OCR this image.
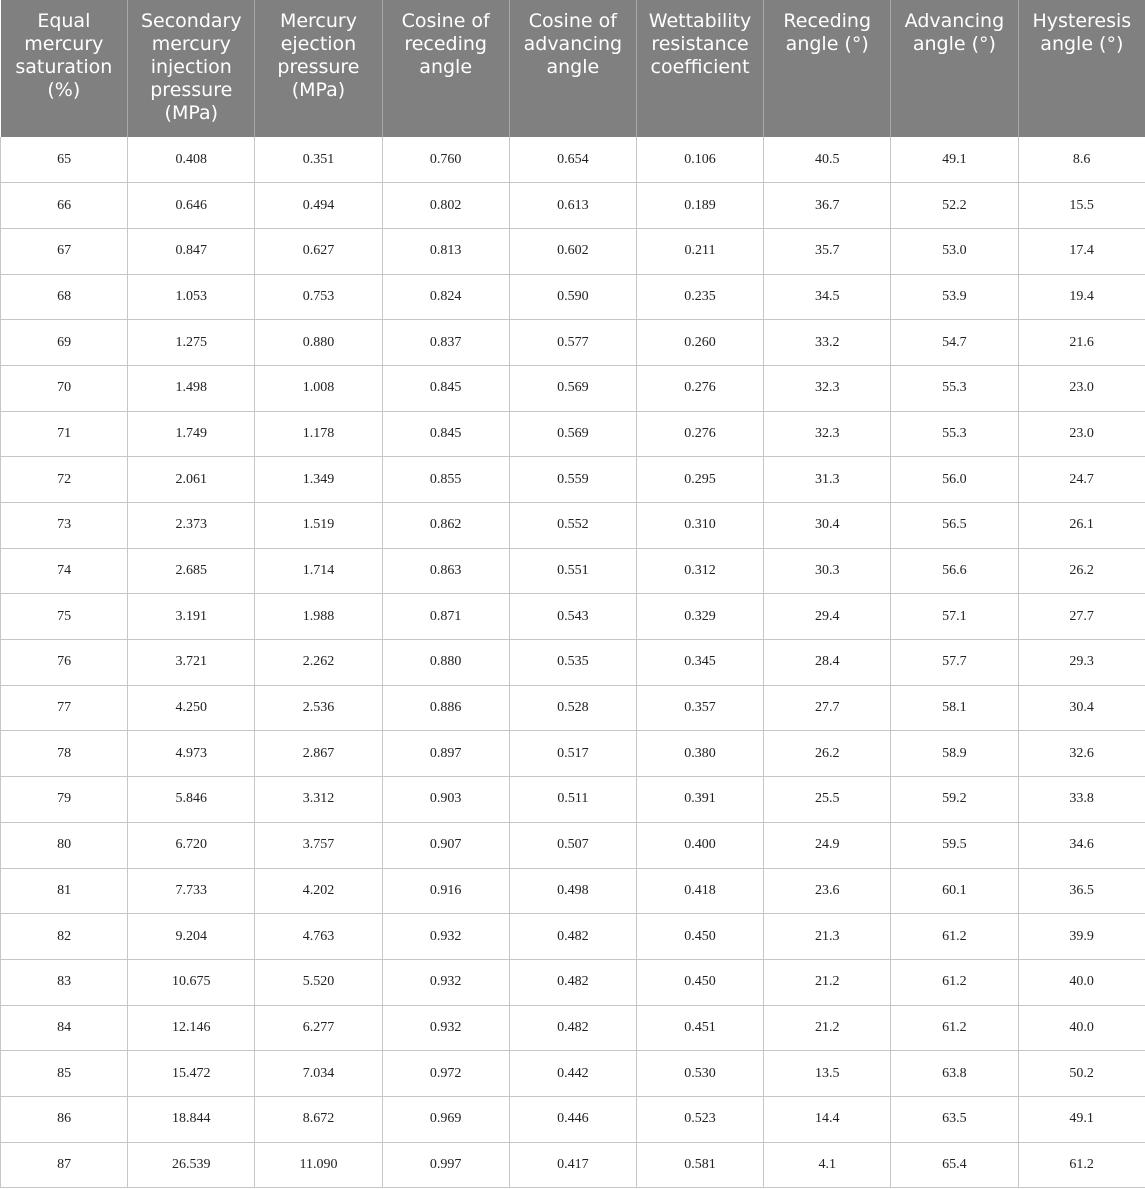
Equal mercury saturation (%)	Secondary mercury injection pressure (MPa)	Mercury ejection pressure (MPa)	Cosine of receding angle	Cosine of advancing angle	Wettability resistance coefficient	Receding angle (°)	Advancing angle (°)	Hysteresis angle (°)
65	0.408	0.351	0.760	0.654	0.106	40.5	49.1	8.6
66	0.646	0.494	0.802	0.613	0.189	36.7	52.2	15.5
67	0.847	0.627	0.813	0.602	0.211	35.7	53.0	17.4
68	1.053	0.753	0.824	0.590	0.235	34.5	53.9	19.4
69	1.275	0.880	0.837	0.577	0.260	33.2	54.7	21.6
70	1.498	1.008	0.845	0.569	0.276	32.3	55.3	23.0
71	1.749	1.178	0.845	0.569	0.276	32.3	55.3	23.0
72	2.061	1.349	0.855	0.559	0.295	31.3	56.0	24.7
73	2.373	1.519	0.862	0.552	0.310	30.4	56.5	26.1
74	2.685	1.714	0.863	0.551	0.312	30.3	56.6	26.2
75	3.191	1.988	0.871	0.543	0.329	29.4	57.1	27.7
76	3.721	2.262	0.880	0.535	0.345	28.4	57.7	29.3
77	4.250	2.536	0.886	0.528	0.357	27.7	58.1	30.4
78	4.973	2.867	0.897	0.517	0.380	26.2	58.9	32.6
79	5.846	3.312	0.903	0.511	0.391	25.5	59.2	33.8
80	6.720	3.757	0.907	0.507	0.400	24.9	59.5	34.6
81	7.733	4.202	0.916	0.498	0.418	23.6	60.1	36.5
82	9.204	4.763	0.932	0.482	0.450	21.3	61.2	39.9
83	10.675	5.520	0.932	0.482	0.450	21.2	61.2	40.0
84	12.146	6.277	0.932	0.482	0.451	21.2	61.2	40.0
85	15.472	7.034	0.972	0.442	0.530	13.5	63.8	50.2
86	18.844	8.672	0.969	0.446	0.523	14.4	63.5	49.1
87	26.539	11.090	0.997	0.417	0.581	4.1	65.4	61.2
